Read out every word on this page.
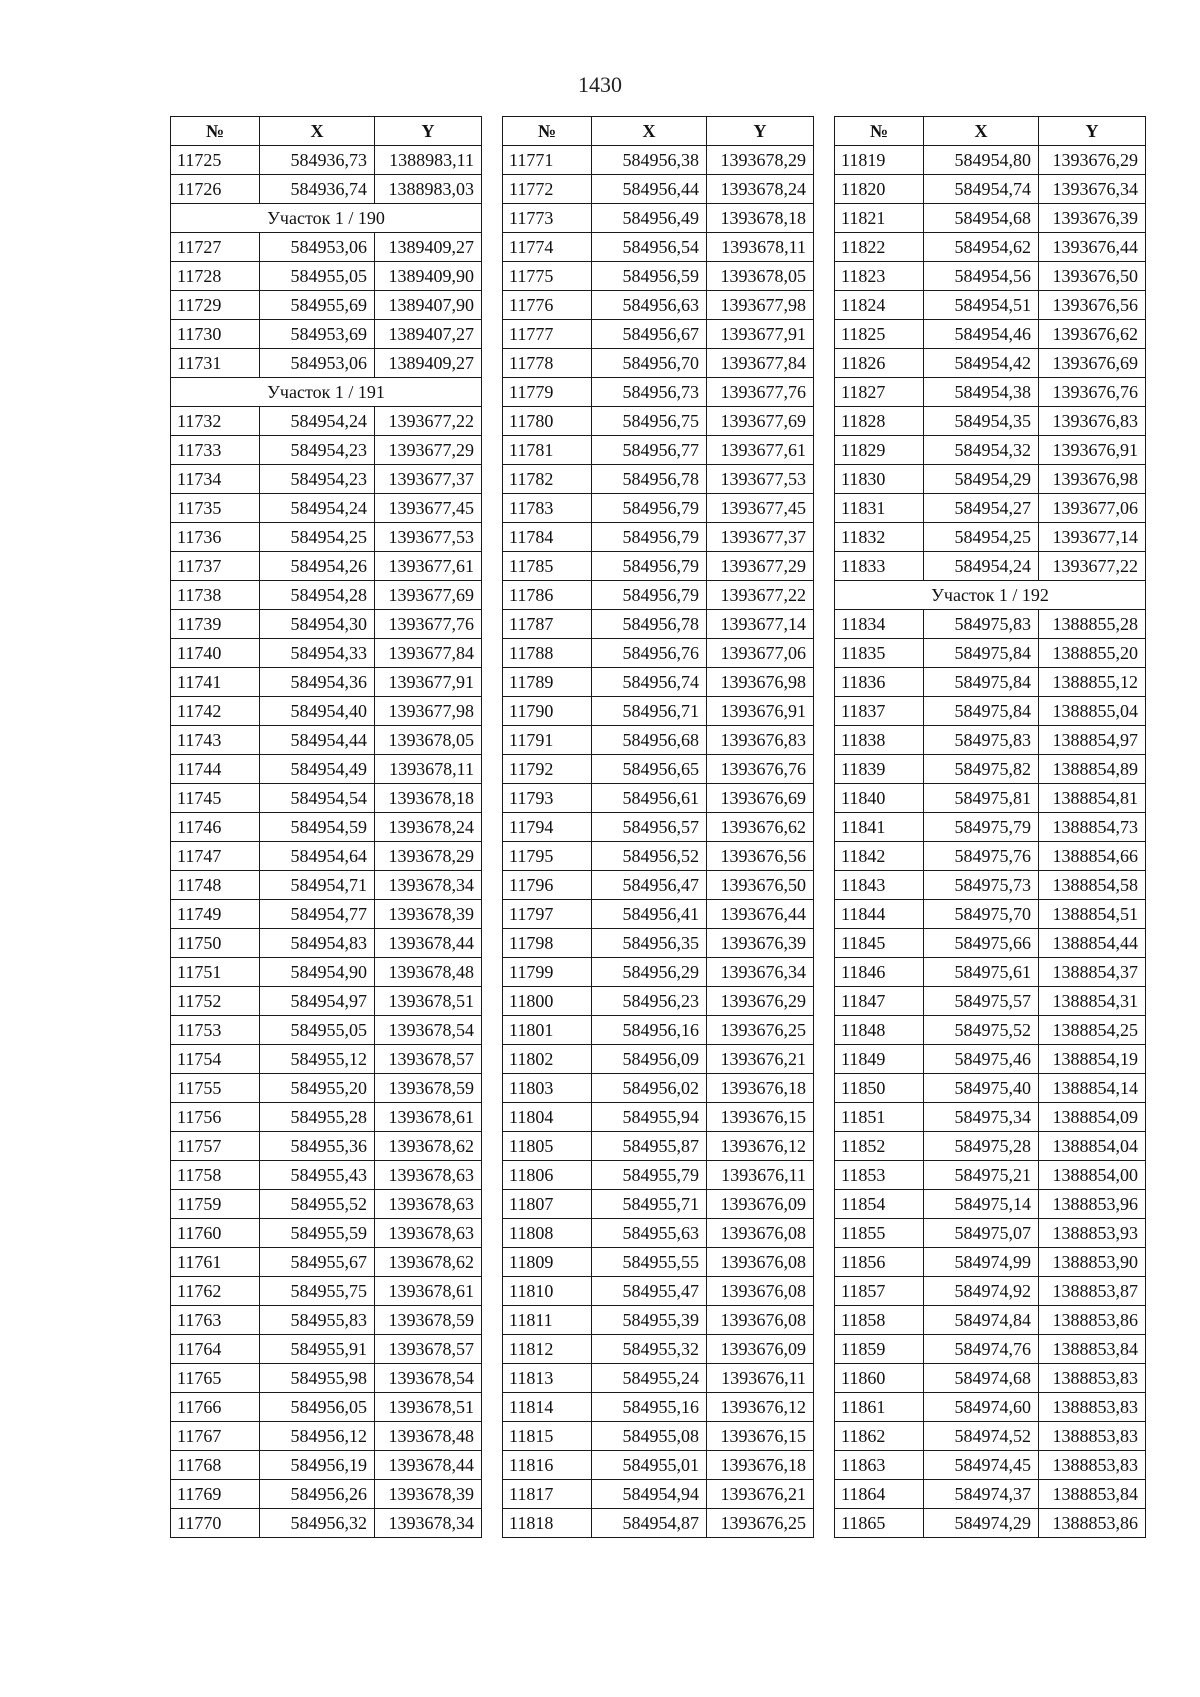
1430
№	X	Y
11725	584936,73	1388983,11
11726	584936,74	1388983,03
Участок 1 / 190		
11727	584953,06	1389409,27
11728	584955,05	1389409,90
11729	584955,69	1389407,90
11730	584953,69	1389407,27
11731	584953,06	1389409,27
Участок 1 / 191		
11732	584954,24	1393677,22
11733	584954,23	1393677,29
11734	584954,23	1393677,37
11735	584954,24	1393677,45
11736	584954,25	1393677,53
11737	584954,26	1393677,61
11738	584954,28	1393677,69
11739	584954,30	1393677,76
11740	584954,33	1393677,84
11741	584954,36	1393677,91
11742	584954,40	1393677,98
11743	584954,44	1393678,05
11744	584954,49	1393678,11
11745	584954,54	1393678,18
11746	584954,59	1393678,24
11747	584954,64	1393678,29
11748	584954,71	1393678,34
11749	584954,77	1393678,39
11750	584954,83	1393678,44
11751	584954,90	1393678,48
11752	584954,97	1393678,51
11753	584955,05	1393678,54
11754	584955,12	1393678,57
11755	584955,20	1393678,59
11756	584955,28	1393678,61
11757	584955,36	1393678,62
11758	584955,43	1393678,63
11759	584955,52	1393678,63
11760	584955,59	1393678,63
11761	584955,67	1393678,62
11762	584955,75	1393678,61
11763	584955,83	1393678,59
11764	584955,91	1393678,57
11765	584955,98	1393678,54
11766	584956,05	1393678,51
11767	584956,12	1393678,48
11768	584956,19	1393678,44
11769	584956,26	1393678,39
11770	584956,32	1393678,34
№	X	Y
11771	584956,38	1393678,29
11772	584956,44	1393678,24
11773	584956,49	1393678,18
11774	584956,54	1393678,11
11775	584956,59	1393678,05
11776	584956,63	1393677,98
11777	584956,67	1393677,91
11778	584956,70	1393677,84
11779	584956,73	1393677,76
11780	584956,75	1393677,69
11781	584956,77	1393677,61
11782	584956,78	1393677,53
11783	584956,79	1393677,45
11784	584956,79	1393677,37
11785	584956,79	1393677,29
11786	584956,79	1393677,22
11787	584956,78	1393677,14
11788	584956,76	1393677,06
11789	584956,74	1393676,98
11790	584956,71	1393676,91
11791	584956,68	1393676,83
11792	584956,65	1393676,76
11793	584956,61	1393676,69
11794	584956,57	1393676,62
11795	584956,52	1393676,56
11796	584956,47	1393676,50
11797	584956,41	1393676,44
11798	584956,35	1393676,39
11799	584956,29	1393676,34
11800	584956,23	1393676,29
11801	584956,16	1393676,25
11802	584956,09	1393676,21
11803	584956,02	1393676,18
11804	584955,94	1393676,15
11805	584955,87	1393676,12
11806	584955,79	1393676,11
11807	584955,71	1393676,09
11808	584955,63	1393676,08
11809	584955,55	1393676,08
11810	584955,47	1393676,08
11811	584955,39	1393676,08
11812	584955,32	1393676,09
11813	584955,24	1393676,11
11814	584955,16	1393676,12
11815	584955,08	1393676,15
11816	584955,01	1393676,18
11817	584954,94	1393676,21
11818	584954,87	1393676,25
№	X	Y
11819	584954,80	1393676,29
11820	584954,74	1393676,34
11821	584954,68	1393676,39
11822	584954,62	1393676,44
11823	584954,56	1393676,50
11824	584954,51	1393676,56
11825	584954,46	1393676,62
11826	584954,42	1393676,69
11827	584954,38	1393676,76
11828	584954,35	1393676,83
11829	584954,32	1393676,91
11830	584954,29	1393676,98
11831	584954,27	1393677,06
11832	584954,25	1393677,14
11833	584954,24	1393677,22
Участок 1 / 192		
11834	584975,83	1388855,28
11835	584975,84	1388855,20
11836	584975,84	1388855,12
11837	584975,84	1388855,04
11838	584975,83	1388854,97
11839	584975,82	1388854,89
11840	584975,81	1388854,81
11841	584975,79	1388854,73
11842	584975,76	1388854,66
11843	584975,73	1388854,58
11844	584975,70	1388854,51
11845	584975,66	1388854,44
11846	584975,61	1388854,37
11847	584975,57	1388854,31
11848	584975,52	1388854,25
11849	584975,46	1388854,19
11850	584975,40	1388854,14
11851	584975,34	1388854,09
11852	584975,28	1388854,04
11853	584975,21	1388854,00
11854	584975,14	1388853,96
11855	584975,07	1388853,93
11856	584974,99	1388853,90
11857	584974,92	1388853,87
11858	584974,84	1388853,86
11859	584974,76	1388853,84
11860	584974,68	1388853,83
11861	584974,60	1388853,83
11862	584974,52	1388853,83
11863	584974,45	1388853,83
11864	584974,37	1388853,84
11865	584974,29	1388853,86
